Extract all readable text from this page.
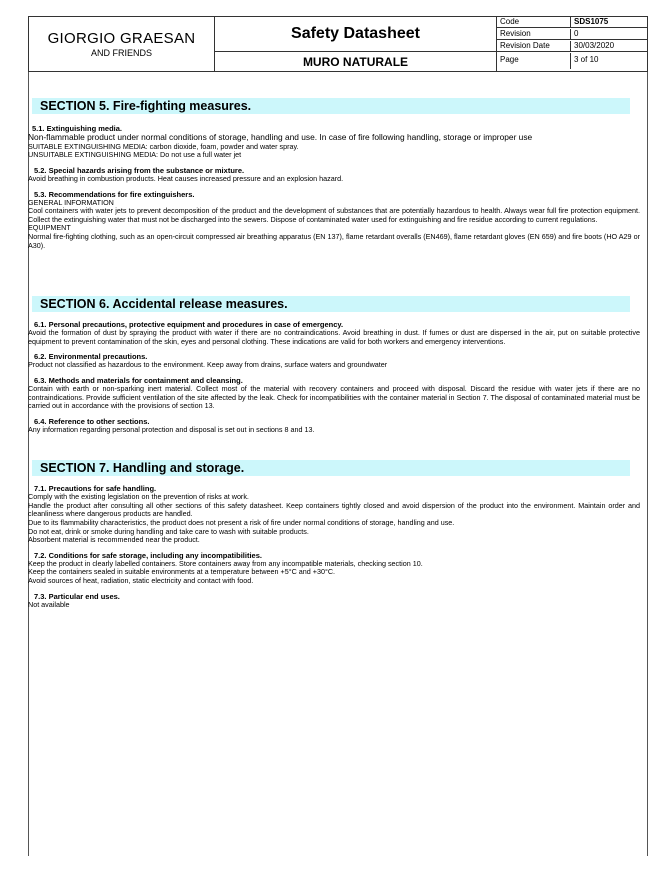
GIORGIO GRAESAN
AND FRIENDS
Safety Datasheet
MURO NATURALE
Code	SDS1075
Revision	0
Revision Date	30/03/2020
Page	3 of 10
SECTION 5. Fire-fighting measures.
5.1. Extinguishing media.
Non-flammable product under normal conditions of storage, handling and use. In case of fire following handling, storage or improper use
SUITABLE EXTINGUISHING MEDIA: carbon dioxide, foam, powder and water spray.
UNSUITABLE EXTINGUISHING MEDIA: Do not use a full water jet
5.2. Special hazards arising from the substance or mixture.
Avoid breathing in combustion products. Heat causes increased pressure and an explosion hazard.
5.3. Recommendations for fire extinguishers.
GENERAL INFORMATION
Cool containers with water jets to prevent decomposition of the product and the development of substances that are potentially hazardous to health. Always wear full fire protection equipment. Collect the extinguishing water that must not be discharged into the sewers. Dispose of contaminated water used for extinguishing and fire residue according to current regulations.
EQUIPMENT
Normal fire-fighting clothing, such as an open-circuit compressed air breathing apparatus (EN 137), flame retardant overalls (EN469), flame retardant gloves (EN 659) and fire boots (HO A29 or A30).
SECTION 6. Accidental release measures.
6.1. Personal precautions, protective equipment and procedures in case of emergency.
Avoid the formation of dust by spraying the product with water if there are no contraindications. Avoid breathing in dust. If fumes or dust are dispersed in the air, put on suitable protective equipment to prevent contamination of the skin, eyes and personal clothing. These indications are valid for both workers and emergency interventions.
6.2. Environmental precautions.
Product not classified as hazardous to the environment. Keep away from drains, surface waters and groundwater
6.3. Methods and materials for containment and cleansing.
Contain with earth or non-sparking inert material. Collect most of the material with recovery containers and proceed with disposal. Discard the residue with water jets if there are no contraindications. Provide sufficient ventilation of the site affected by the leak. Check for incompatibilities with the container material in Section 7. The disposal of contaminated material must be carried out in accordance with the provisions of section 13.
6.4. Reference to other sections.
Any information regarding personal protection and disposal is set out in sections 8 and 13.
SECTION 7. Handling and storage.
7.1. Precautions for safe handling.
Comply with the existing legislation on the prevention of risks at work.
Handle the product after consulting all other sections of this safety datasheet. Keep containers tightly closed and avoid dispersion of the product into the environment. Maintain order and cleanliness where dangerous products are handled.
Due to its flammability characteristics, the product does not present a risk of fire under normal conditions of storage, handling and use.
Do not eat, drink or smoke during handling and take care to wash with suitable products.
Absorbent material is recommended near the product.
7.2. Conditions for safe storage, including any incompatibilities.
Keep the product in clearly labelled containers. Store containers away from any incompatible materials, checking section 10.
Keep the containers sealed in suitable environments at a temperature between +5°C and +30°C.
Avoid sources of heat, radiation, static electricity and contact with food.
7.3. Particular end uses.
Not available
